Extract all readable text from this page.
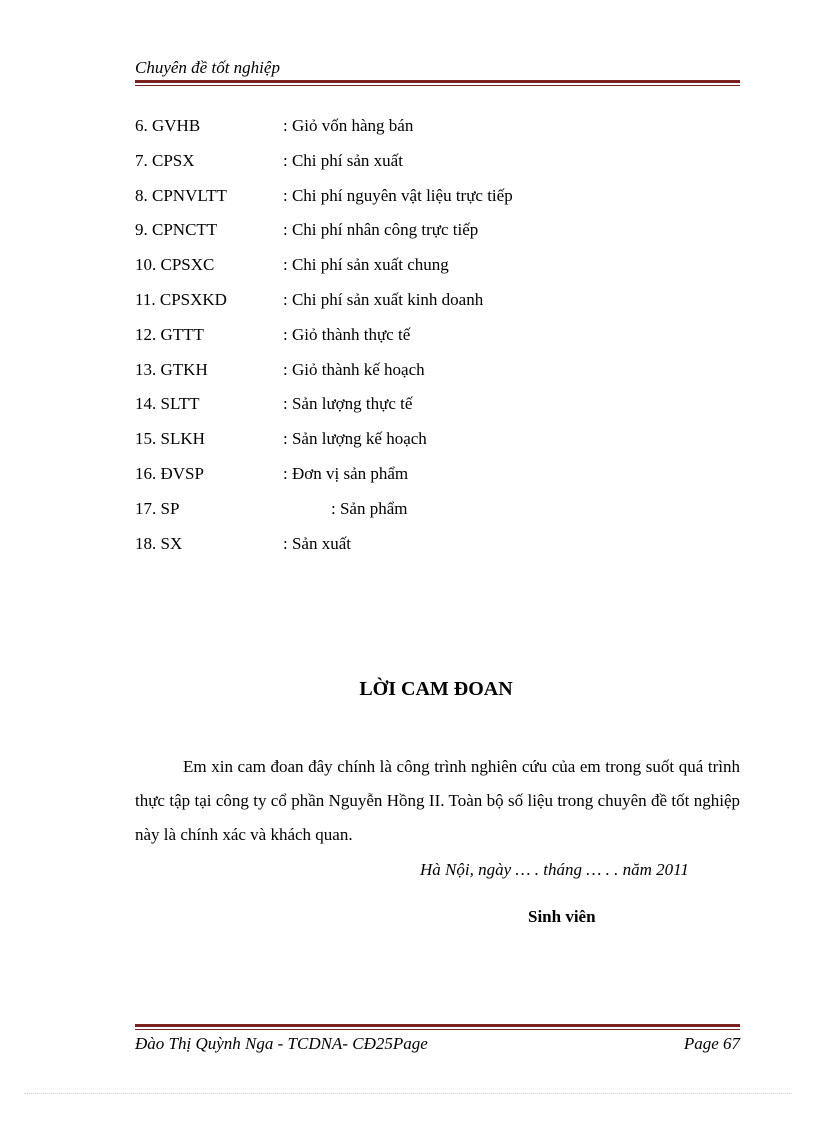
Chuyên đề tốt nghiệp
6. GVHB	: Giỏ vốn hàng bán
7. CPSX	: Chi phí sản xuất
8. CPNVLTT	: Chi phí nguyên vật liệu trực tiếp
9. CPNCTT	: Chi phí nhân công trực tiếp
10. CPSXC	: Chi phí sản xuất chung
11. CPSXKD	: Chi phí sản xuất kinh doanh
12. GTTT	: Giỏ thành thực tế
13. GTKH	: Giỏ thành kế hoạch
14. SLTT	: Sản lượng thực tế
15. SLKH	: Sản lượng kế hoạch
16. ĐVSP	: Đơn vị sản phẩm
17. SP	: Sản phẩm
18. SX	: Sản xuất
LỜI CAM ĐOAN

Em xin cam đoan đây chính là công trình nghiên cứu của em trong suốt quá trình thực tập tại công ty cổ phần Nguyễn Hồng II. Toàn bộ số liệu trong chuyên đề tốt nghiệp này là chính xác và khách quan.

Hà Nội, ngày … . tháng … . . năm 2011
Sinh viên
Đào Thị Quỳnh Nga - TCDNA- CĐ25Page	Page 67
